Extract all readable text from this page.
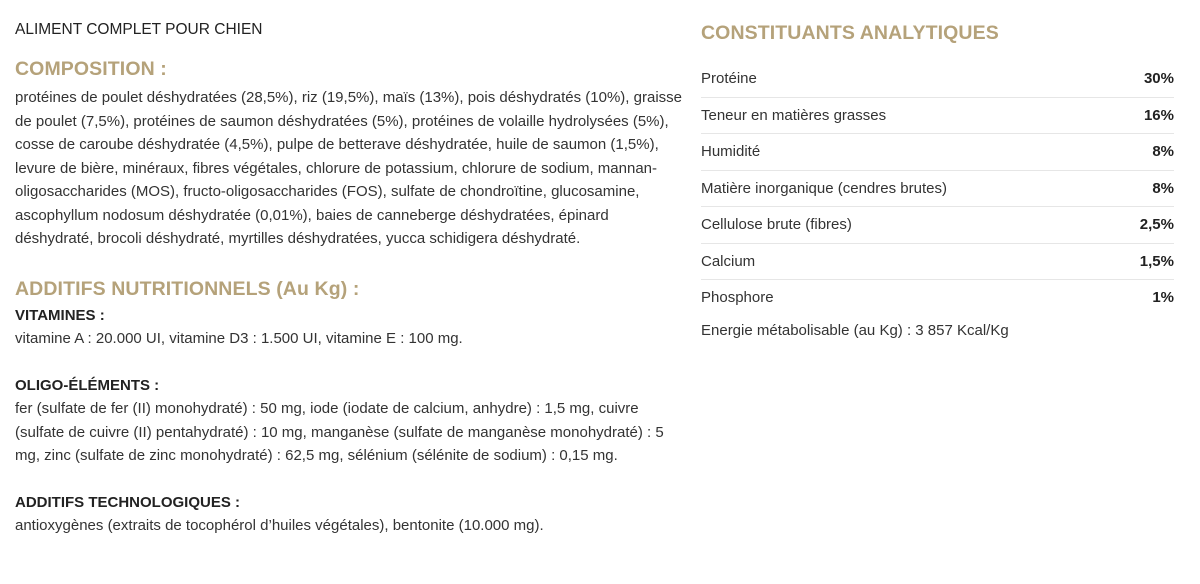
ALIMENT COMPLET POUR CHIEN

COMPOSITION :

protéines de poulet déshydratées (28,5%), riz (19,5%), maïs (13%), pois déshydratés (10%), graisse de poulet (7,5%), protéines de saumon déshydratées (5%), protéines de volaille hydrolysées (5%), cosse de caroube déshydratée (4,5%), pulpe de betterave déshydratée, huile de saumon (1,5%), levure de bière, minéraux, fibres végétales, chlorure de potassium, chlorure de sodium, mannan-oligosaccharides (MOS), fructo-oligosaccharides (FOS), sulfate de chondroïtine, glucosamine, ascophyllum nodosum déshydratée (0,01%), baies de canneberge déshydratées, épinard déshydraté, brocoli déshydraté, myrtilles déshydratées, yucca schidigera déshydraté.

ADDITIFS NUTRITIONNELS (Au Kg) :

VITAMINES :

vitamine A : 20.000 UI, vitamine D3 : 1.500 UI, vitamine E : 100 mg.

OLIGO-ÉLÉMENTS :

fer (sulfate de fer (II) monohydraté) : 50 mg, iode (iodate de calcium, anhydre) : 1,5 mg, cuivre (sulfate de cuivre (II) pentahydraté) : 10 mg, manganèse (sulfate de manganèse monohydraté) : 5 mg, zinc (sulfate de zinc monohydraté) : 62,5 mg, sélénium (sélénite de sodium) : 0,15 mg.

ADDITIFS TECHNOLOGIQUES :

antioxygènes (extraits de tocophérol d’huiles végétales), bentonite (10.000 mg).

CONSTITUANTS ANALYTIQUES
Protéine	30%
Teneur en matières grasses	16%
Humidité	8%
Matière inorganique (cendres brutes)	8%
Cellulose brute (fibres)	2,5%
Calcium	1,5%
Phosphore	1%

Energie métabolisable (au Kg) : 3 857 Kcal/Kg
